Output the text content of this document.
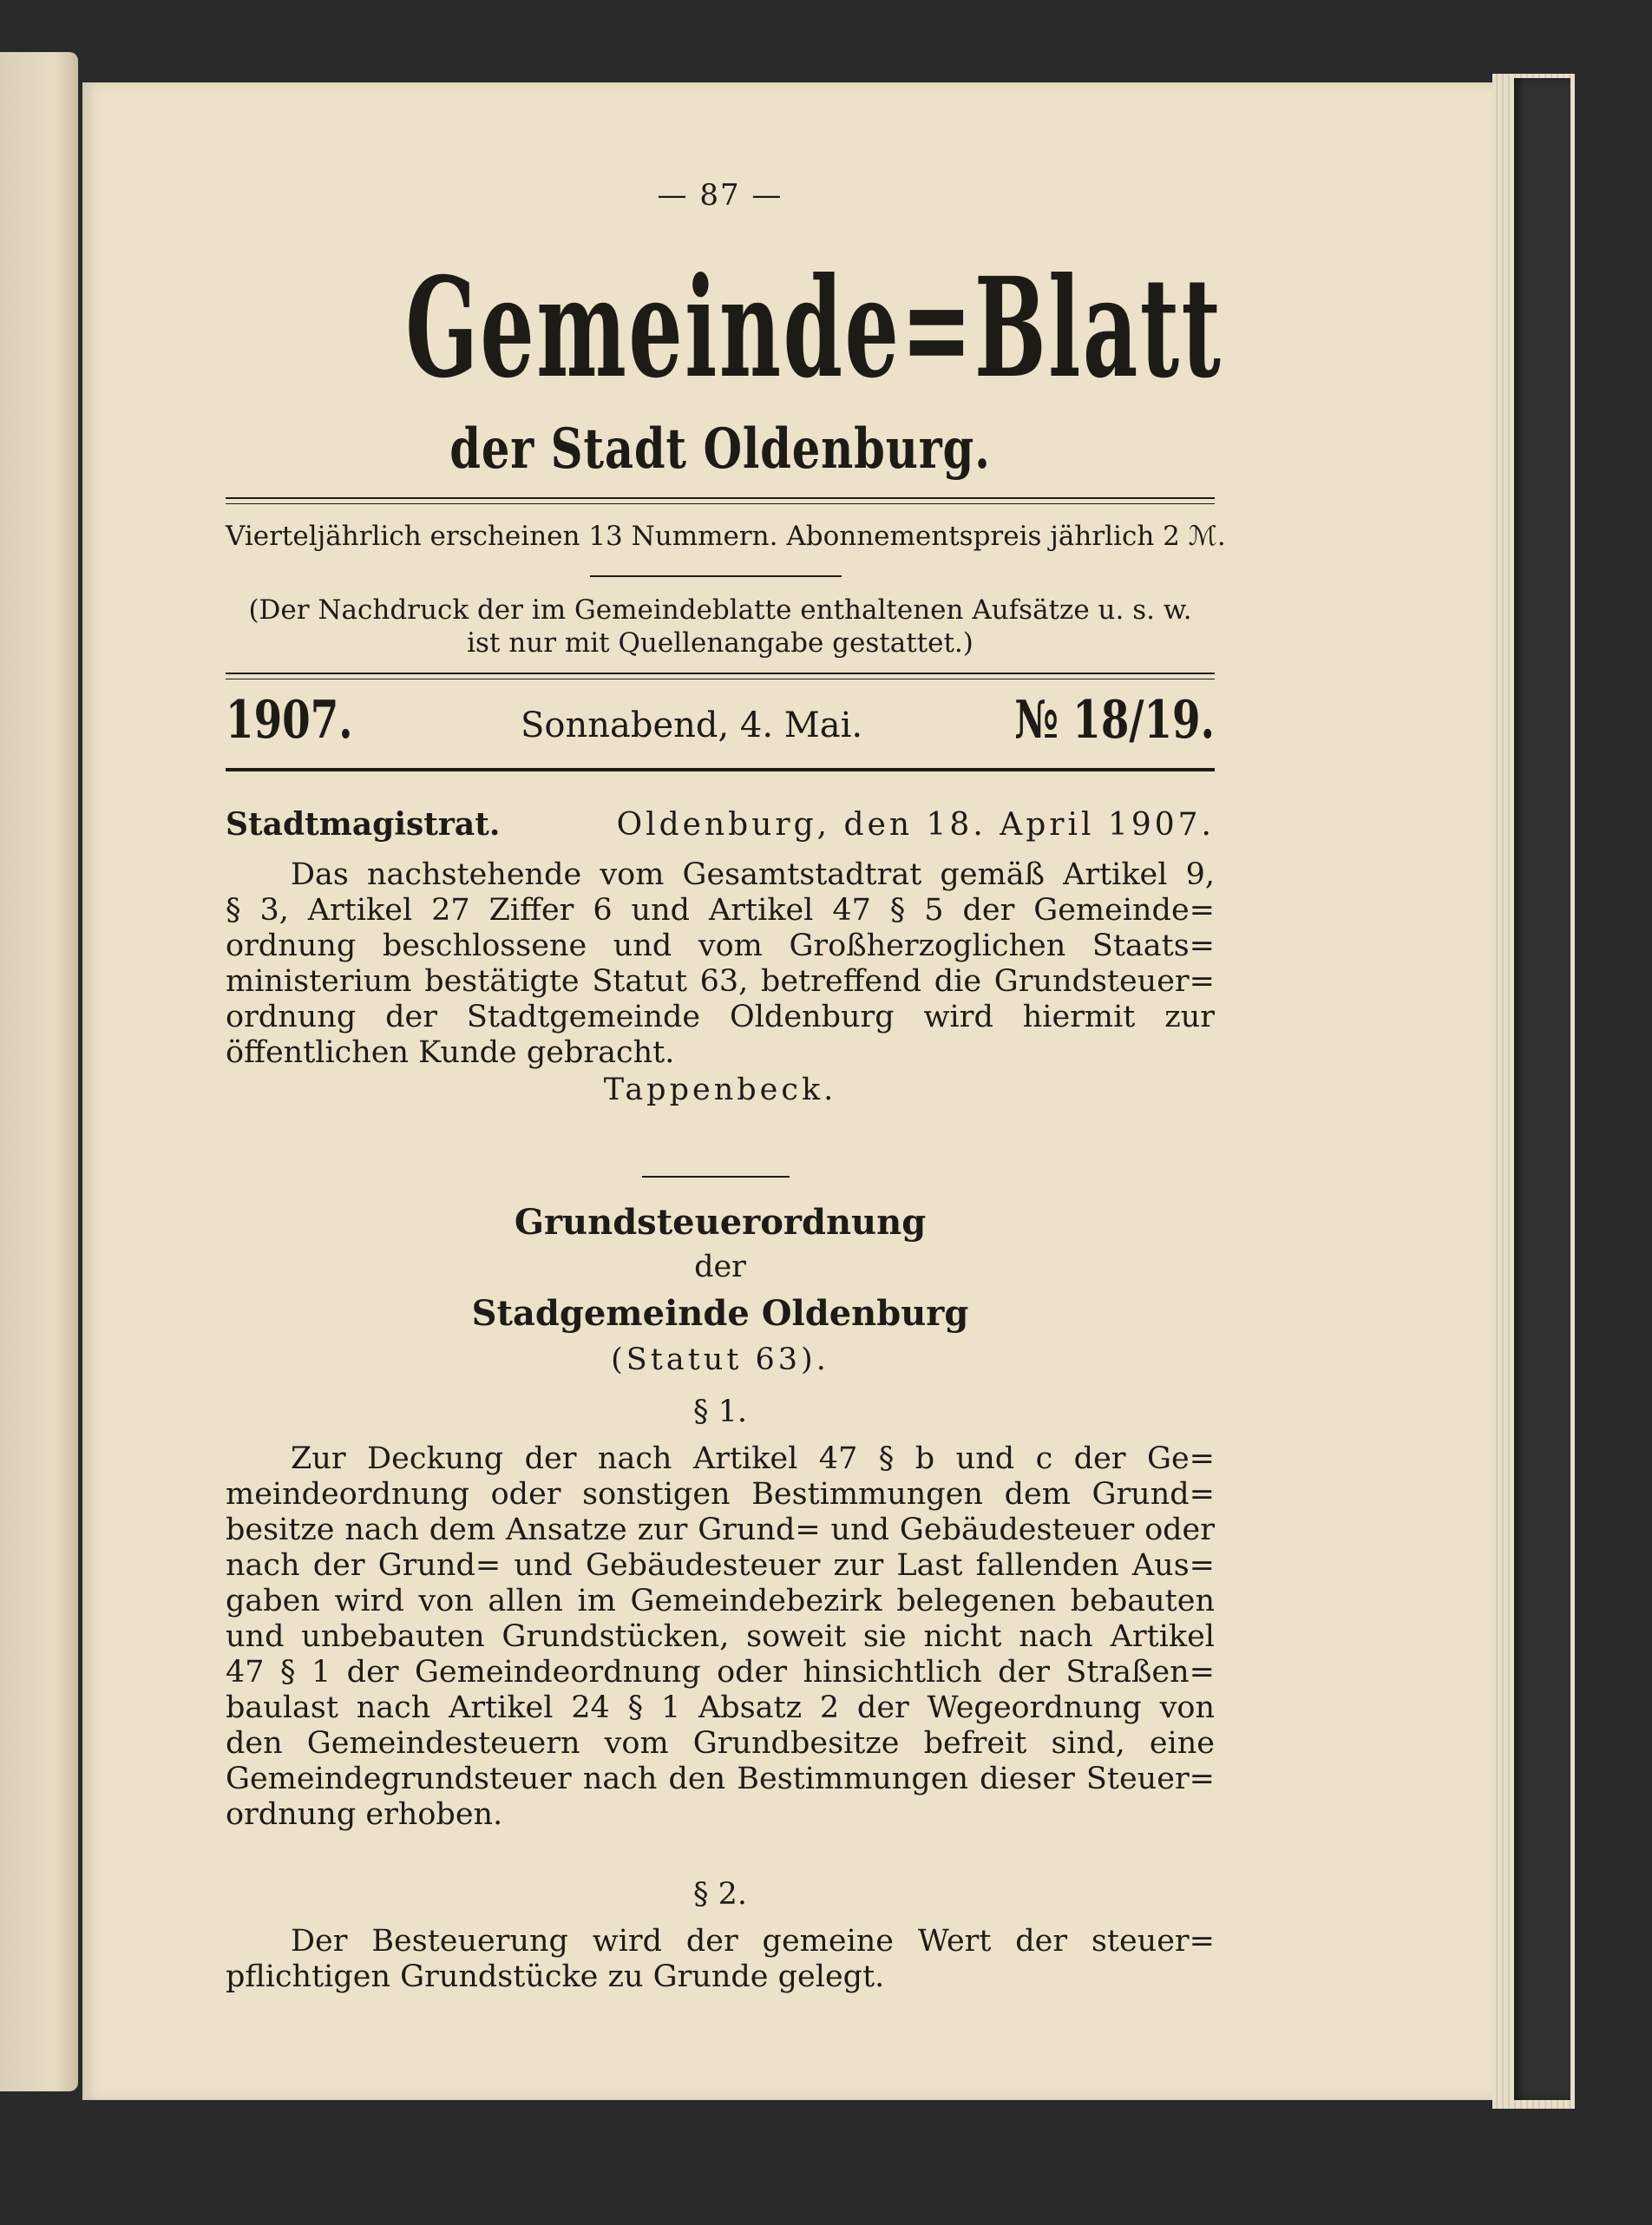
— 87 —
Gemeinde=Blatt
der Stadt Oldenburg.
Vierteljährlich erscheinen 13 Nummern. Abonnementspreis jährlich 2 ℳ.
(Der Nachdruck der im Gemeindeblatte enthaltenen Aufsätze u. s. w.
ist nur mit Quellenangabe gestattet.)
1907.	Sonnabend, 4. Mai.	№ 18/19.
Stadtmagistrat.	Oldenburg, den 18. April 1907.
Das nachstehende vom Gesamtstadtrat gemäß Artikel 9,
§ 3, Artikel 27 Ziffer 6 und Artikel 47 § 5 der Gemeinde=
ordnung beschlossene und vom Großherzoglichen Staats=
ministerium bestätigte Statut 63, betreffend die Grundsteuer=
ordnung der Stadtgemeinde Oldenburg wird hiermit zur
öffentlichen Kunde gebracht.
Tappenbeck.
Grundsteuerordnung
der
Stadgemeinde Oldenburg
(Statut 63).
§ 1.
Zur Deckung der nach Artikel 47 § b und c der Ge=
meindeordnung oder sonstigen Bestimmungen dem Grund=
besitze nach dem Ansatze zur Grund= und Gebäudesteuer oder
nach der Grund= und Gebäudesteuer zur Last fallenden Aus=
gaben wird von allen im Gemeindebezirk belegenen bebauten
und unbebauten Grundstücken, soweit sie nicht nach Artikel
47 § 1 der Gemeindeordnung oder hinsichtlich der Straßen=
baulast nach Artikel 24 § 1 Absatz 2 der Wegeordnung von
den Gemeindesteuern vom Grundbesitze befreit sind, eine
Gemeindegrundsteuer nach den Bestimmungen dieser Steuer=
ordnung erhoben.
§ 2.
Der Besteuerung wird der gemeine Wert der steuer=
pflichtigen Grundstücke zu Grunde gelegt.
